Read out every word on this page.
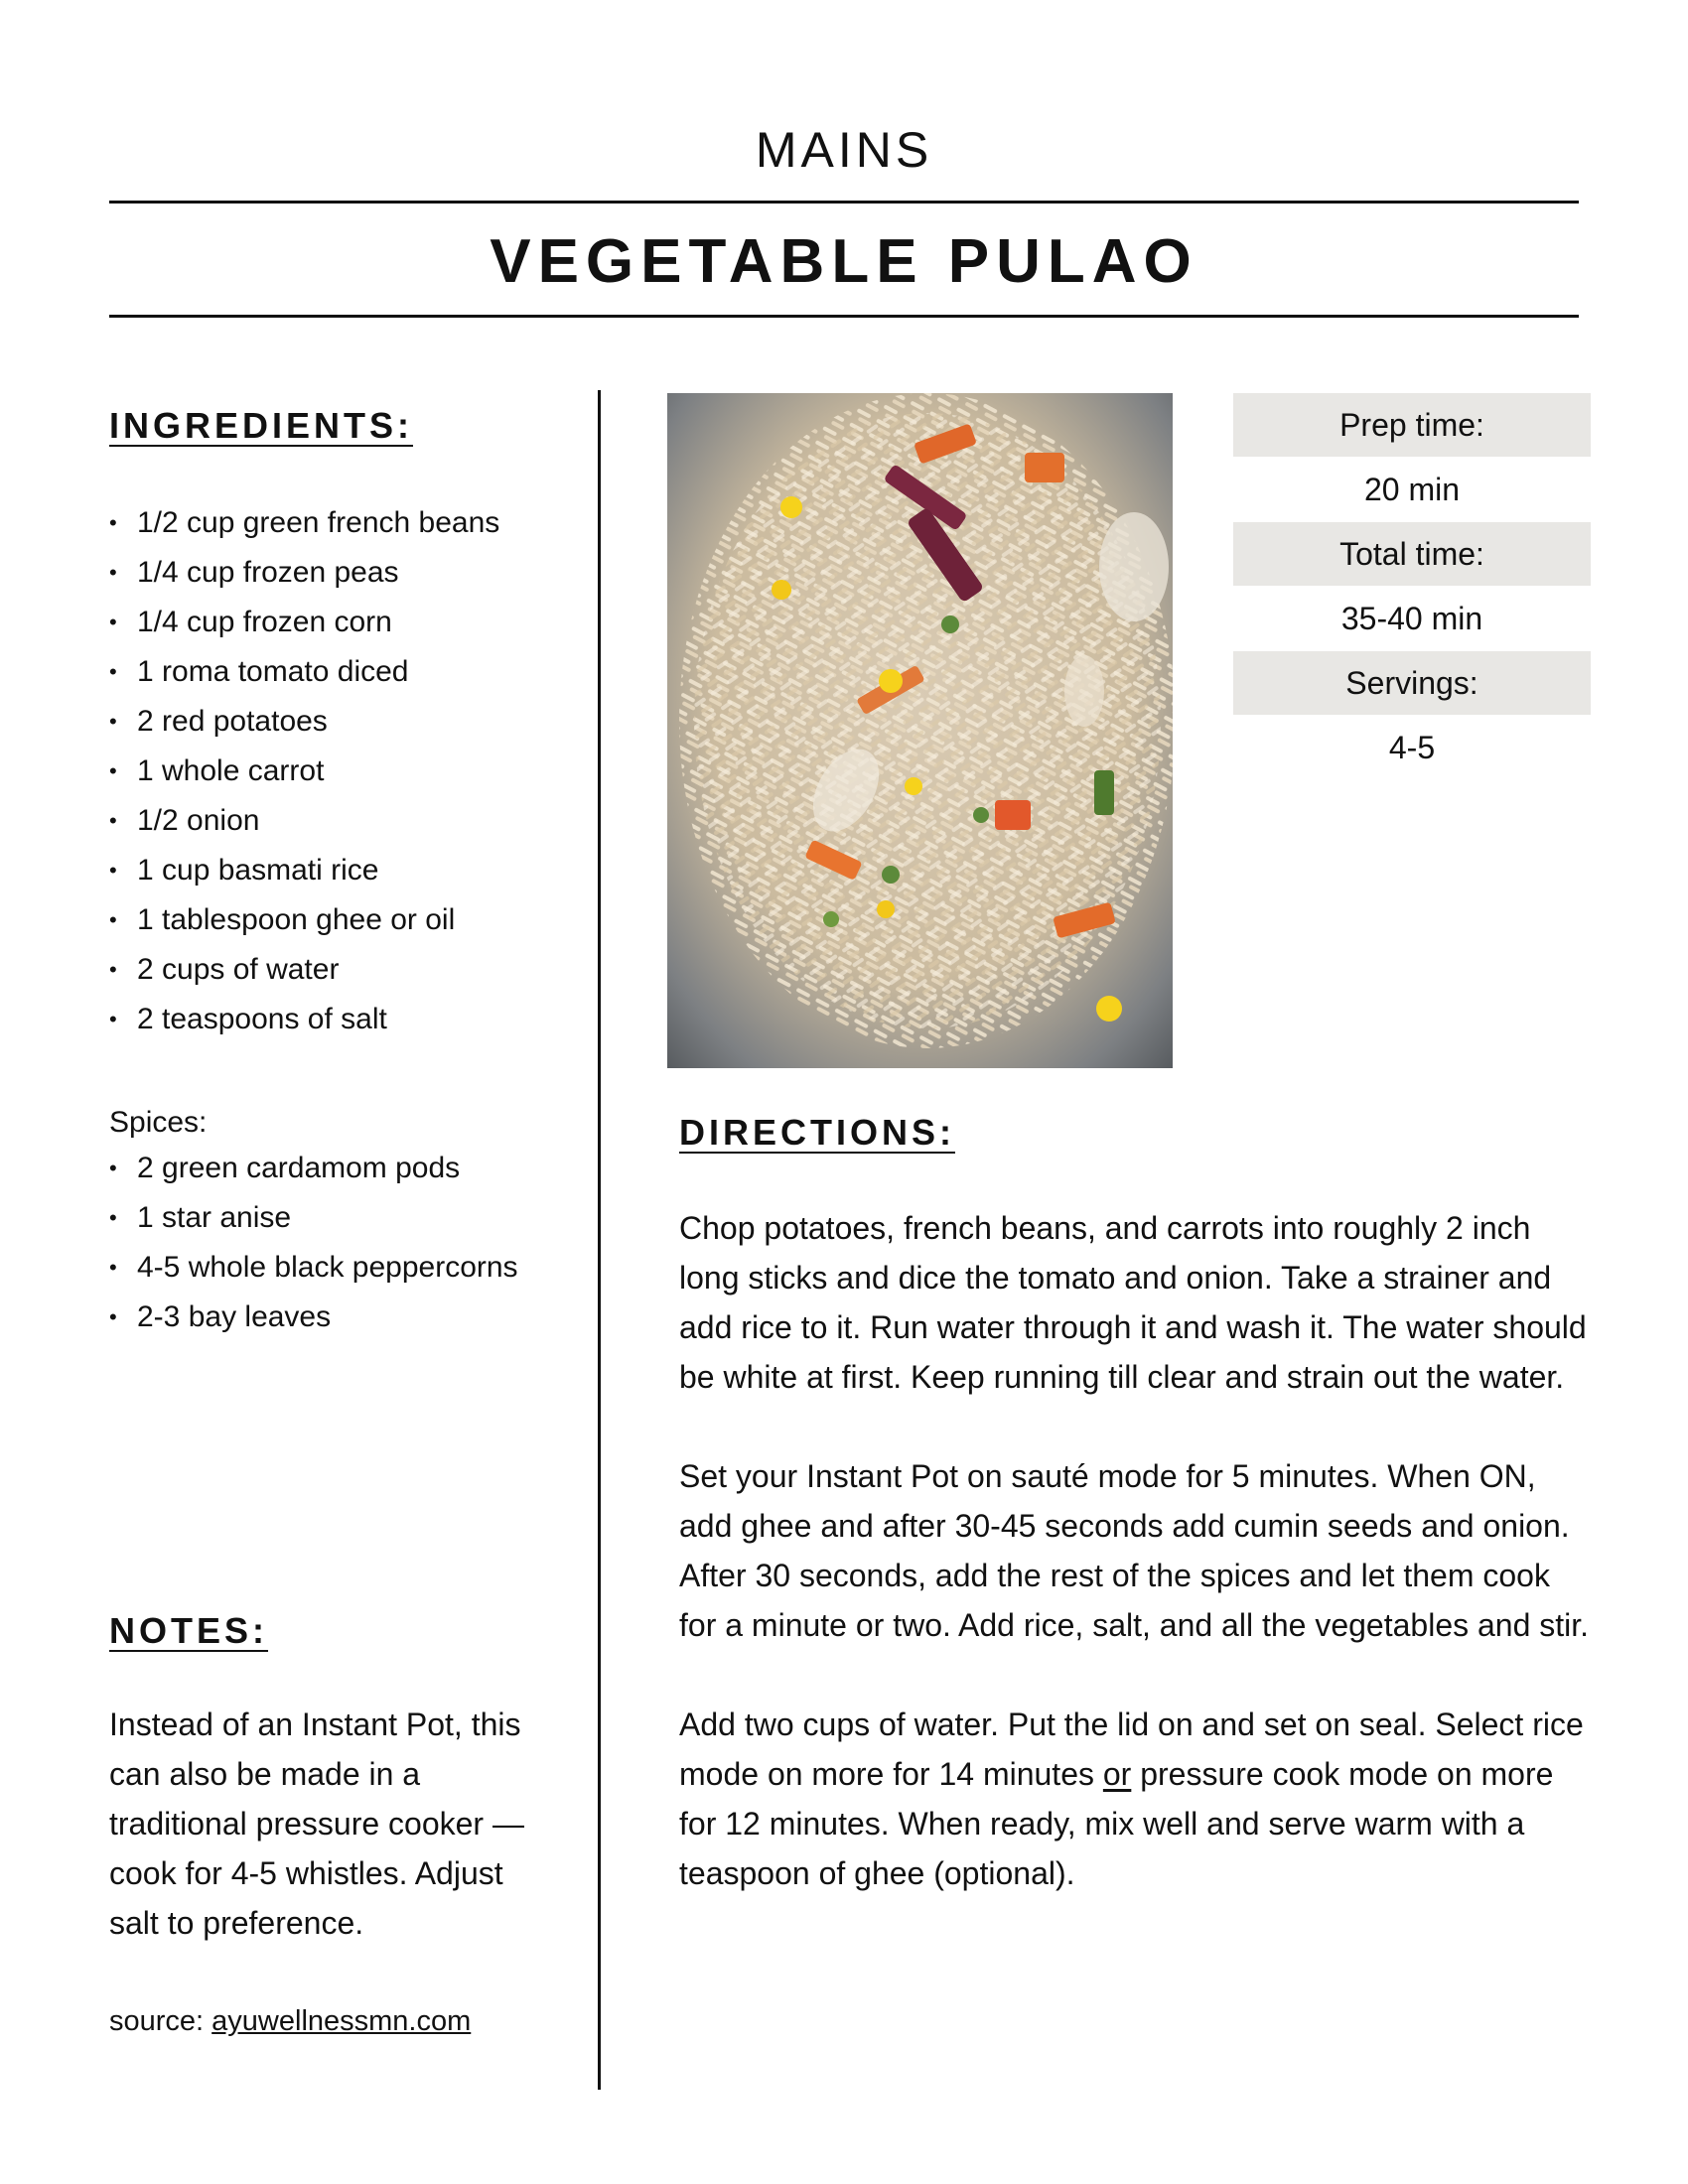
MAINS
VEGETABLE PULAO
INGREDIENTS:
• 1/2 cup green french beans
• 1/4 cup frozen peas
• 1/4 cup frozen corn
• 1 roma tomato diced
• 2 red potatoes
• 1 whole carrot
• 1/2 onion
• 1 cup basmati rice
• 1 tablespoon ghee or oil
• 2 cups of water
• 2 teaspoons of salt
Spices:
• 2 green cardamom pods
• 1 star anise
• 4-5 whole black peppercorns
• 2-3 bay leaves
NOTES:
Instead of an Instant Pot, this can also be made in a traditional pressure cooker — cook for 4-5 whistles. Adjust salt to preference.
source: ayuwellnessmn.com
Prep time:
20 min
Total time:
35-40 min
Servings:
4-5
DIRECTIONS:

Chop potatoes, french beans, and carrots into roughly 2 inch long sticks and dice the tomato and onion. Take a strainer and add rice to it. Run water through it and wash it. The water should be white at first. Keep running till clear and strain out the water.

Set your Instant Pot on sauté mode for 5 minutes. When ON, add ghee and after 30-45 seconds add cumin seeds and onion. After 30 seconds, add the rest of the spices and let them cook for a minute or two. Add rice, salt, and all the vegetables and stir.

Add two cups of water. Put the lid on and set on seal. Select rice mode on more for 14 minutes or pressure cook mode on more for 12 minutes. When ready, mix well and serve warm with a teaspoon of ghee (optional).
